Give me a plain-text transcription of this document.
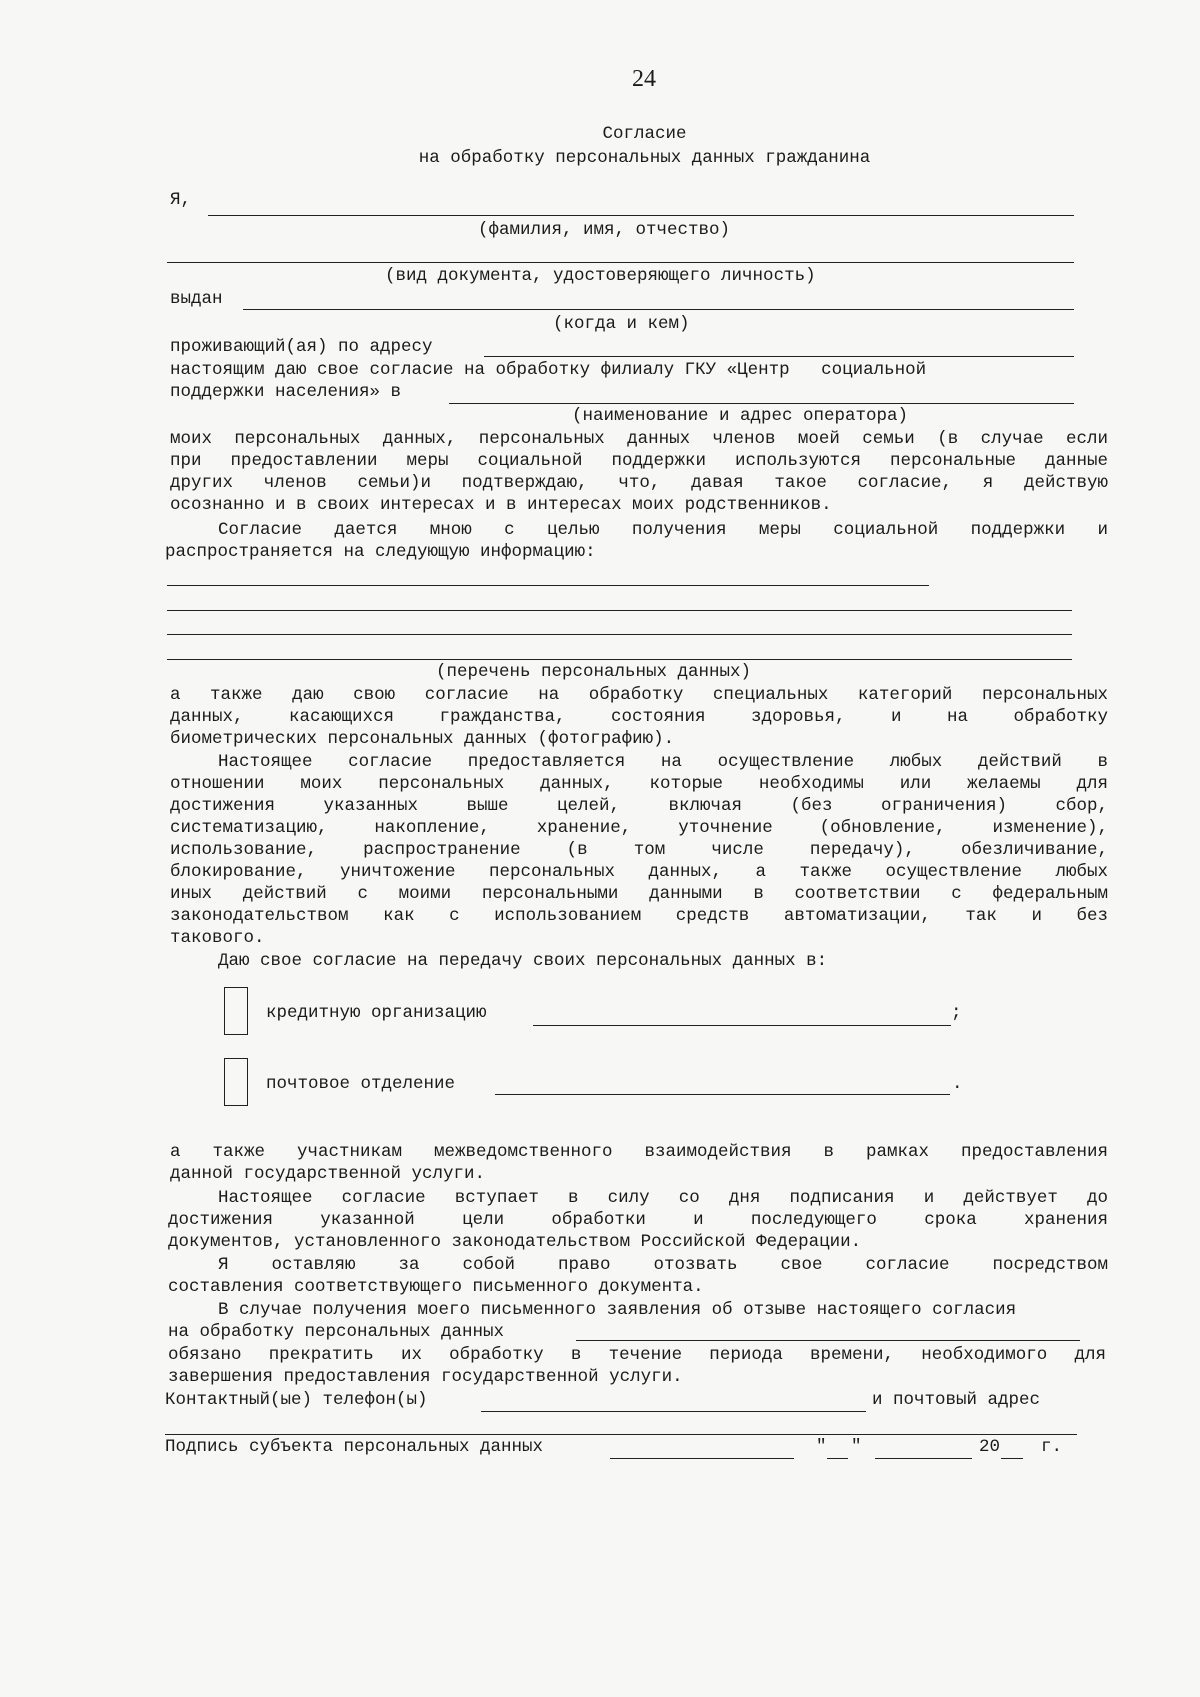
24
Согласие
на обработку персональных данных гражданина
Я,
(фамилия, имя, отчество)
(вид документа, удостоверяющего личность)
выдан
(когда и кем)
проживающий(ая) по адресу
настоящим даю свое согласие на обработку филиалу ГКУ «Центр   социальной
поддержки населения» в
(наименование и адрес оператора)
моих персональных данных, персональных данных членов моей семьи (в случае если
при предоставлении меры социальной поддержки используются персональные данные
других членов семьи)и подтверждаю, что, давая такое согласие, я действую
осознанно и в своих интересах и в интересах моих родственников.
Согласие дается мною с целью получения меры социальной поддержки и
распространяется на следующую информацию:
(перечень персональных данных)
а также даю свою согласие на обработку специальных категорий персональных
данных, касающихся гражданства, состояния здоровья, и на обработку
биометрических персональных данных (фотографию).
Настоящее согласие предоставляется на осуществление любых действий в
отношении моих персональных данных, которые необходимы или желаемы для
достижения указанных выше целей, включая (без ограничения) сбор,
систематизацию, накопление, хранение, уточнение (обновление, изменение),
использование, распространение (в том числе передачу), обезличивание,
блокирование, уничтожение персональных данных, а также осуществление любых
иных действий с моими персональными данными в соответствии с федеральным
законодательством как с использованием средств автоматизации, так и без
такового.
Даю свое согласие на передачу своих персональных данных в:
кредитную организацию	;
почтовое отделение	.
а также участникам межведомственного взаимодействия в рамках предоставления
данной государственной услуги.
Настоящее согласие вступает в силу со дня подписания и действует до
достижения указанной цели обработки и последующего срока хранения
документов, установленного законодательством Российской Федерации.
Я оставляю за собой право отозвать свое согласие посредством
составления соответствующего письменного документа.
В случае получения моего письменного заявления об отзыве настоящего согласия
на обработку персональных данных
обязано прекратить их обработку в течение периода времени, необходимого для
завершения предоставления государственной услуги.
Контактный(ые) телефон(ы)	и почтовый адрес
Подпись субъекта персональных данных	" "	20 г.
